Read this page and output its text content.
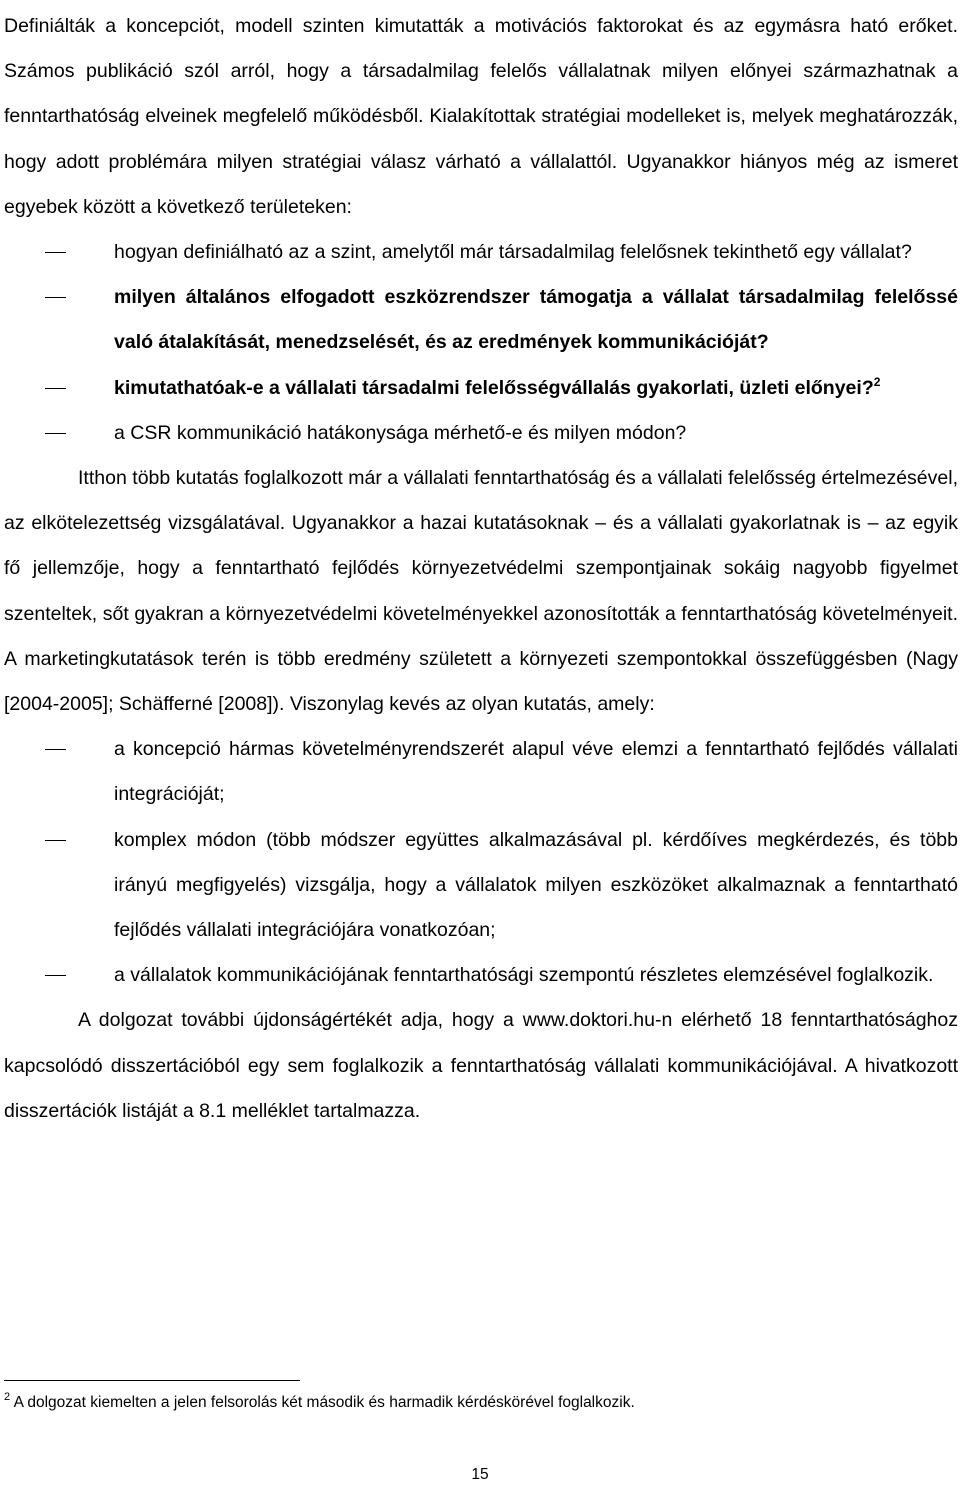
Definiálták a koncepciót, modell szinten kimutatták a motivációs faktorokat és az egymásra ható erőket. Számos publikáció szól arról, hogy a társadalmilag felelős vállalatnak milyen előnyei származhatnak a fenntarthatóság elveinek megfelelő működésből. Kialakítottak stratégiai modelleket is, melyek meghatározzák, hogy adott problémára milyen stratégiai válasz várható a vállalattól. Ugyanakkor hiányos még az ismeret egyebek között a következő területeken:

hogyan definiálható az a szint, amelytől már társadalmilag felelősnek tekinthető egy vállalat?
milyen általános elfogadott eszközrendszer támogatja a vállalat társadalmilag felelőssé való átalakítását, menedzselését, és az eredmények kommunikációját?
kimutathatóak-e a vállalati társadalmi felelősségvállalás gyakorlati, üzleti előnyei?$^2$
a CSR kommunikáció hatákonysága mérhető-e és milyen módon?

Itthon több kutatás foglalkozott már a vállalati fenntarthatóság és a vállalati felelősség értelmezésével, az elkötelezettség vizsgálatával. Ugyanakkor a hazai kutatásoknak – és a vállalati gyakorlatnak is – az egyik fő jellemzője, hogy a fenntartható fejlődés környezetvédelmi szempontjainak sokáig nagyobb figyelmet szenteltek, sőt gyakran a környezetvédelmi követelményekkel azonosították a fenntarthatóság követelményeit. A marketingkutatások terén is több eredmény született a környezeti szempontokkal összefüggésben (Nagy [2004-2005]; Schäfferné [2008]). Viszonylag kevés az olyan kutatás, amely:

a koncepció hármas követelményrendszerét alapul véve elemzi a fenntartható fejlődés vállalati integrációját;
komplex módon (több módszer együttes alkalmazásával pl. kérdőíves megkérdezés, és több irányú megfigyelés) vizsgálja, hogy a vállalatok milyen eszközöket alkalmaznak a fenntartható fejlődés vállalati integrációjára vonatkozóan;
a vállalatok kommunikációjának fenntarthatósági szempontú részletes elemzésével foglalkozik.

A dolgozat további újdonságértékét adja, hogy a www.doktori.hu-n elérhető 18 fenntarthatósághoz kapcsolódó disszertációból egy sem foglalkozik a fenntarthatóság vállalati kommunikációjával. A hivatkozott disszertációk listáját a 8.1 melléklet tartalmazza.

$^2$ A dolgozat kiemelten a jelen felsorolás két második és harmadik kérdéskörével foglalkozik.
15
